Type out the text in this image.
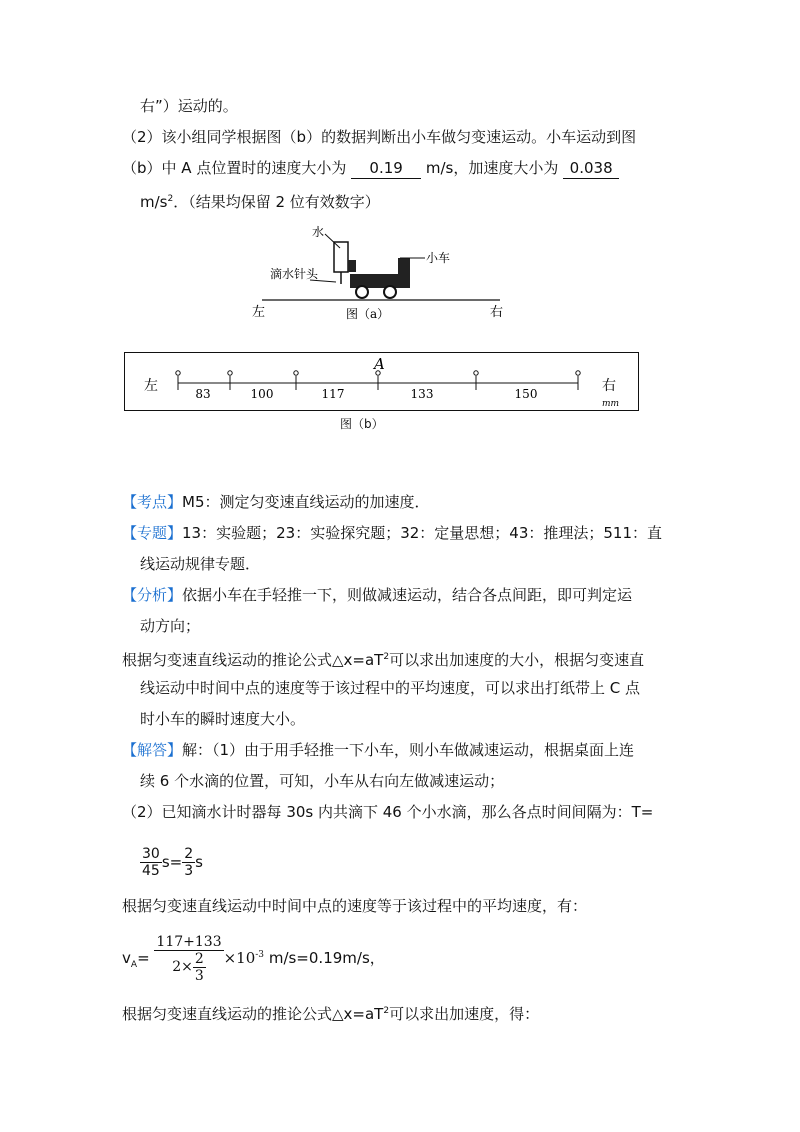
右”）运动的。
（2）该小组同学根据图（b）的数据判断出小车做匀变速运动。小车运动到图
（b）中 A 点位置时的速度大小为 0.19 m/s，加速度大小为 0.038
$m/s^2$．（结果均保留 2 位有效数字）
水
滴水针头
小车
左	右
图（a）
左	右
A
mm
83	100	117	133	150
图（b）
【考点】M5：测定匀变速直线运动的加速度．
【专题】13：实验题；23：实验探究题；32：定量思想；43：推理法；511：直
线运动规律专题．
【分析】依据小车在手轻推一下，则做减速运动，结合各点间距，即可判定运
动方向；
根据匀变速直线运动的推论公式$\triangle x=aT^2$可以求出加速度的大小，根据匀变速直
线运动中时间中点的速度等于该过程中的平均速度，可以求出打纸带上 C 点
时小车的瞬时速度大小。
【解答】解：（1）由于用手轻推一下小车，则小车做减速运动，根据桌面上连
续 6 个水滴的位置，可知，小车从右向左做减速运动；
（2）已知滴水计时器每 30s 内共滴下 46 个小水滴，那么各点时间间隔为：T=
$\frac{30}{45} s= \frac{2}{3}$ s
根据匀变速直线运动中时间中点的速度等于该过程中的平均速度，有：
$v_A= \frac{117+133}{2\times \frac{2}{3}} \times 10^{-3}$ m/s=0.19m/s，
根据匀变速直线运动的推论公式$\triangle x=aT^2$可以求出加速度，得：
